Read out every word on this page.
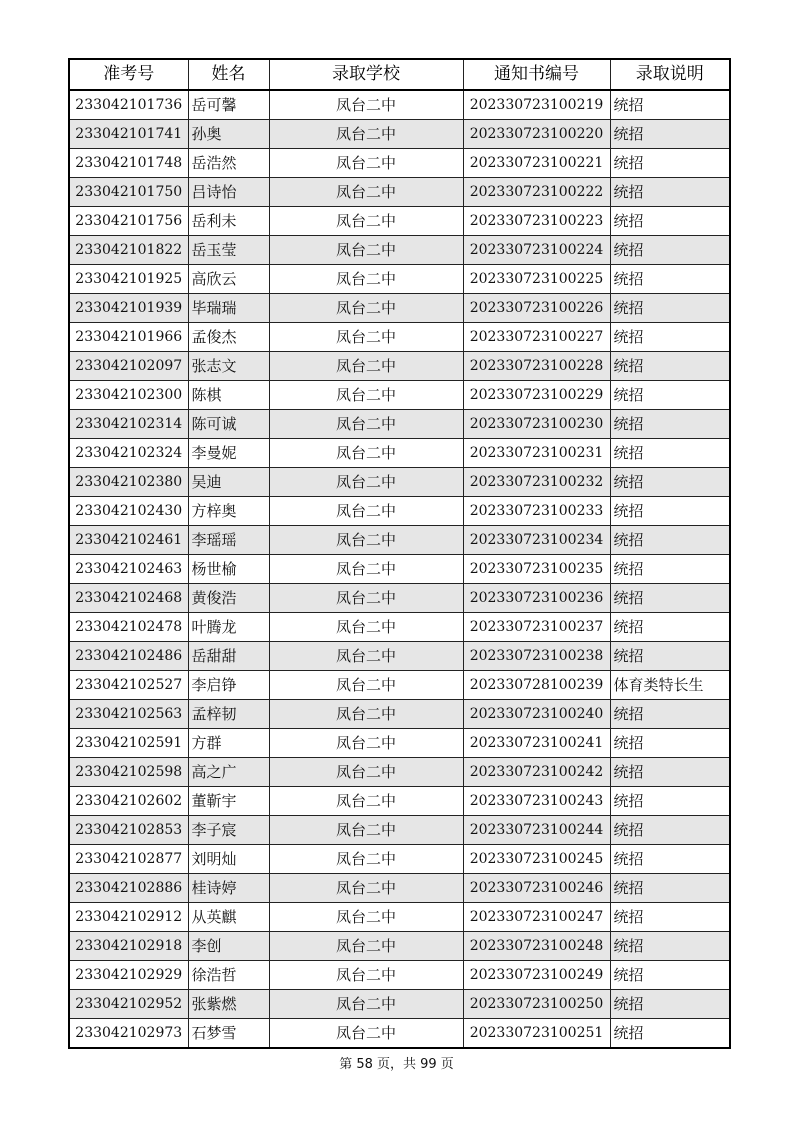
准考号	姓名	录取学校	通知书编号	录取说明
233042101736	岳可馨	凤台二中	202330723100219	统招
233042101741	孙奥	凤台二中	202330723100220	统招
233042101748	岳浩然	凤台二中	202330723100221	统招
233042101750	吕诗怡	凤台二中	202330723100222	统招
233042101756	岳利未	凤台二中	202330723100223	统招
233042101822	岳玉莹	凤台二中	202330723100224	统招
233042101925	高欣云	凤台二中	202330723100225	统招
233042101939	毕瑞瑞	凤台二中	202330723100226	统招
233042101966	孟俊杰	凤台二中	202330723100227	统招
233042102097	张志文	凤台二中	202330723100228	统招
233042102300	陈棋	凤台二中	202330723100229	统招
233042102314	陈可诚	凤台二中	202330723100230	统招
233042102324	李曼妮	凤台二中	202330723100231	统招
233042102380	吴迪	凤台二中	202330723100232	统招
233042102430	方梓奥	凤台二中	202330723100233	统招
233042102461	李瑶瑶	凤台二中	202330723100234	统招
233042102463	杨世榆	凤台二中	202330723100235	统招
233042102468	黄俊浩	凤台二中	202330723100236	统招
233042102478	叶腾龙	凤台二中	202330723100237	统招
233042102486	岳甜甜	凤台二中	202330723100238	统招
233042102527	李启铮	凤台二中	202330728100239	体育类特长生
233042102563	孟梓韧	凤台二中	202330723100240	统招
233042102591	方群	凤台二中	202330723100241	统招
233042102598	高之广	凤台二中	202330723100242	统招
233042102602	董靳宇	凤台二中	202330723100243	统招
233042102853	李子宸	凤台二中	202330723100244	统招
233042102877	刘明灿	凤台二中	202330723100245	统招
233042102886	桂诗婷	凤台二中	202330723100246	统招
233042102912	从英麒	凤台二中	202330723100247	统招
233042102918	李创	凤台二中	202330723100248	统招
233042102929	徐浩哲	凤台二中	202330723100249	统招
233042102952	张紫燃	凤台二中	202330723100250	统招
233042102973	石梦雪	凤台二中	202330723100251	统招
第 58 页，共 99 页
